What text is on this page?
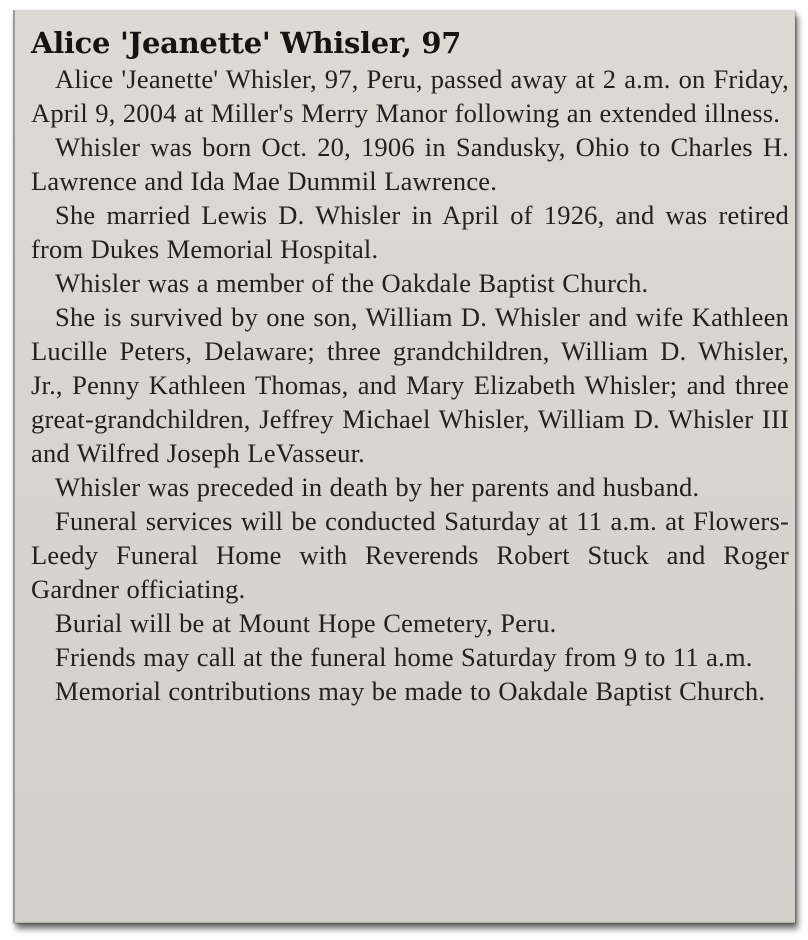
Alice 'Jeanette' Whisler, 97

Alice 'Jeanette' Whisler, 97, Peru, passed away at 2 a.m. on Friday, April 9, 2004 at Miller's Merry Manor following an extended illness.

Whisler was born Oct. 20, 1906 in Sandusky, Ohio to Charles H. Lawrence and Ida Mae Dummil Lawrence.

She married Lewis D. Whisler in April of 1926, and was retired from Dukes Memorial Hospital.

Whisler was a member of the Oakdale Baptist Church.

She is survived by one son, William D. Whisler and wife Kathleen Lucille Peters, Delaware; three grandchildren, William D. Whisler, Jr., Penny Kathleen Thomas, and Mary Elizabeth Whisler; and three great-grandchildren, Jeffrey Michael Whisler, William D. Whisler III and Wilfred Joseph LeVasseur.

Whisler was preceded in death by her parents and husband.

Funeral services will be conducted Saturday at 11 a.m. at Flowers-Leedy Funeral Home with Reverends Robert Stuck and Roger Gardner officiating.

Burial will be at Mount Hope Cemetery, Peru.

Friends may call at the funeral home Saturday from 9 to 11 a.m.

Memorial contributions may be made to Oakdale Baptist Church.
